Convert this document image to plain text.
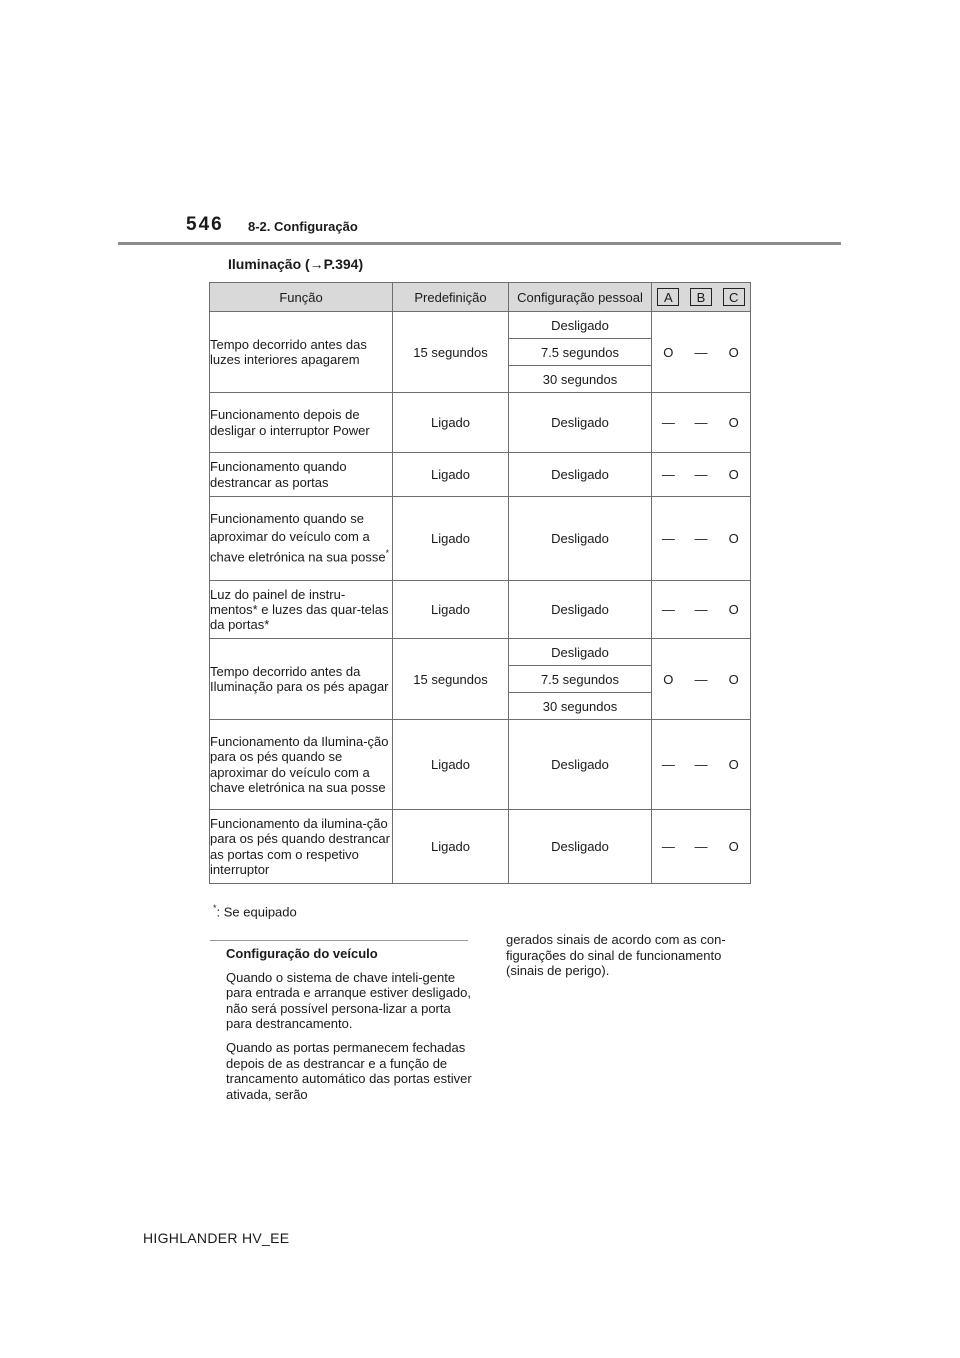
546 8-2. Configuração
Iluminação (→P.394)
Função	Predefinição	Configuração pessoal	A B C

Tempo decorrido antes das luzes interiores apagarem	15 segundos	Desligado	O — O

		7.5 segundos	
		30 segundos	
Funcionamento depois de desligar o interruptor Power	Ligado	Desligado	— — O

Funcionamento quando destrancar as portas	Ligado	Desligado	— — O

Funcionamento quando se aproximar do veículo com a chave eletrónica na sua posse*	Ligado	Desligado	— — O

Luz do painel de instru-mentos* e luzes das quar-telas da portas*	Ligado	Desligado	— — O

Tempo decorrido antes da Iluminação para os pés apagar	15 segundos	Desligado	O — O

		7.5 segundos	
		30 segundos	
Funcionamento da Ilumina-ção para os pés quando se aproximar do veículo com a chave eletrónica na sua posse	Ligado	Desligado	— — O

Funcionamento da ilumina-ção para os pés quando destrancar as portas com o respetivo interruptor	Ligado	Desligado	— — O
*: Se equipado

Configuração do veículo

Quando o sistema de chave inteli-gente para entrada e arranque estiver desligado, não será possível persona-lizar a porta para destrancamento.

Quando as portas permanecem fechadas depois de as destrancar e a função de trancamento automático das portas estiver ativada, serão

gerados sinais de acordo com as con-figurações do sinal de funcionamento (sinais de perigo).
HIGHLANDER HV_EE
